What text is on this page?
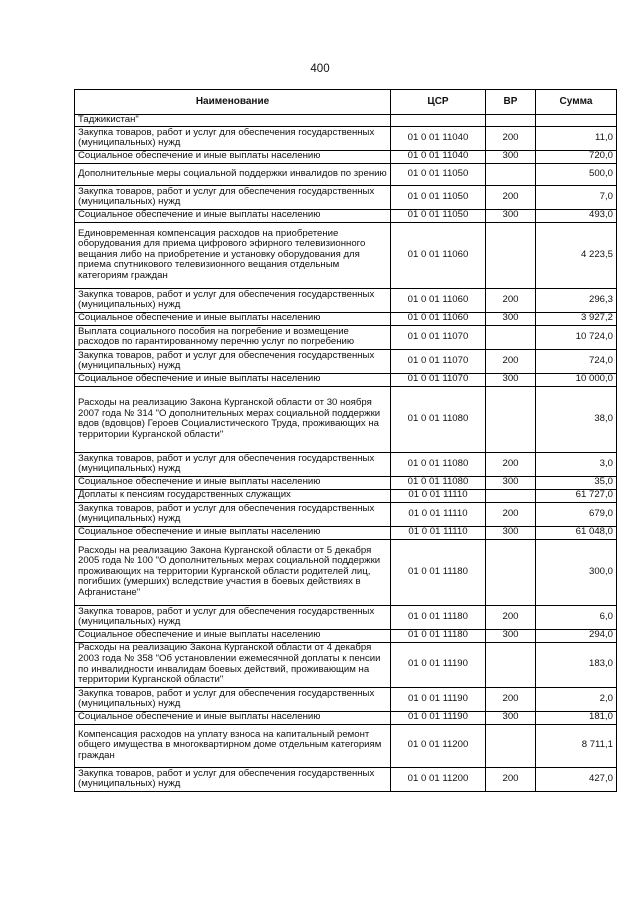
400
Наименование	ЦСР	ВР	Сумма
Таджикистан"			
Закупка товаров, работ и услуг для обеспечения государственных (муниципальных) нужд	01 0 01 11040	200	11,0
Социальное обеспечение и иные выплаты населению	01 0 01 11040	300	720,0
Дополнительные меры социальной поддержки инвалидов по зрению	01 0 01 11050		500,0
Закупка товаров, работ и услуг для обеспечения государственных (муниципальных) нужд	01 0 01 11050	200	7,0
Социальное обеспечение и иные выплаты населению	01 0 01 11050	300	493,0
Единовременная компенсация расходов на приобретение оборудования для приема цифрового эфирного телевизионного вещания либо на приобретение и установку оборудования для приема спутникового телевизионного вещания отдельным категориям граждан	01 0 01 11060		4 223,5
Закупка товаров, работ и услуг для обеспечения государственных (муниципальных) нужд	01 0 01 11060	200	296,3
Социальное обеспечение и иные выплаты населению	01 0 01 11060	300	3 927,2
Выплата социального пособия на погребение и возмещение расходов по гарантированному перечню услуг по погребению	01 0 01 11070		10 724,0
Закупка товаров, работ и услуг для обеспечения государственных (муниципальных) нужд	01 0 01 11070	200	724,0
Социальное обеспечение и иные выплаты населению	01 0 01 11070	300	10 000,0
Расходы на реализацию Закона Курганской области от 30 ноября 2007 года № 314 "О дополнительных мерах социальной поддержки вдов (вдовцов) Героев Социалистического Труда, проживающих на территории Курганской области"	01 0 01 11080		38,0
Закупка товаров, работ и услуг для обеспечения государственных (муниципальных) нужд	01 0 01 11080	200	3,0
Социальное обеспечение и иные выплаты населению	01 0 01 11080	300	35,0
Доплаты к пенсиям государственных служащих	01 0 01 11110		61 727,0
Закупка товаров, работ и услуг для обеспечения государственных (муниципальных) нужд	01 0 01 11110	200	679,0
Социальное обеспечение и иные выплаты населению	01 0 01 11110	300	61 048,0
Расходы на реализацию Закона Курганской области от 5 декабря 2005 года № 100 "О дополнительных мерах социальной поддержки проживающих на территории Курганской области родителей лиц, погибших (умерших) вследствие участия в боевых действиях в Афганистане"	01 0 01 11180		300,0
Закупка товаров, работ и услуг для обеспечения государственных (муниципальных) нужд	01 0 01 11180	200	6,0
Социальное обеспечение и иные выплаты населению	01 0 01 11180	300	294,0
Расходы на реализацию Закона Курганской области от 4 декабря 2003 года № 358 "Об установлении ежемесячной доплаты к пенсии по инвалидности инвалидам боевых действий, проживающим на территории Курганской области"	01 0 01 11190		183,0
Закупка товаров, работ и услуг для обеспечения государственных (муниципальных) нужд	01 0 01 11190	200	2,0
Социальное обеспечение и иные выплаты населению	01 0 01 11190	300	181,0
Компенсация расходов на уплату взноса на капитальный ремонт общего имущества в многоквартирном доме отдельным категориям граждан	01 0 01 11200		8 711,1
Закупка товаров, работ и услуг для обеспечения государственных (муниципальных) нужд	01 0 01 11200	200	427,0
